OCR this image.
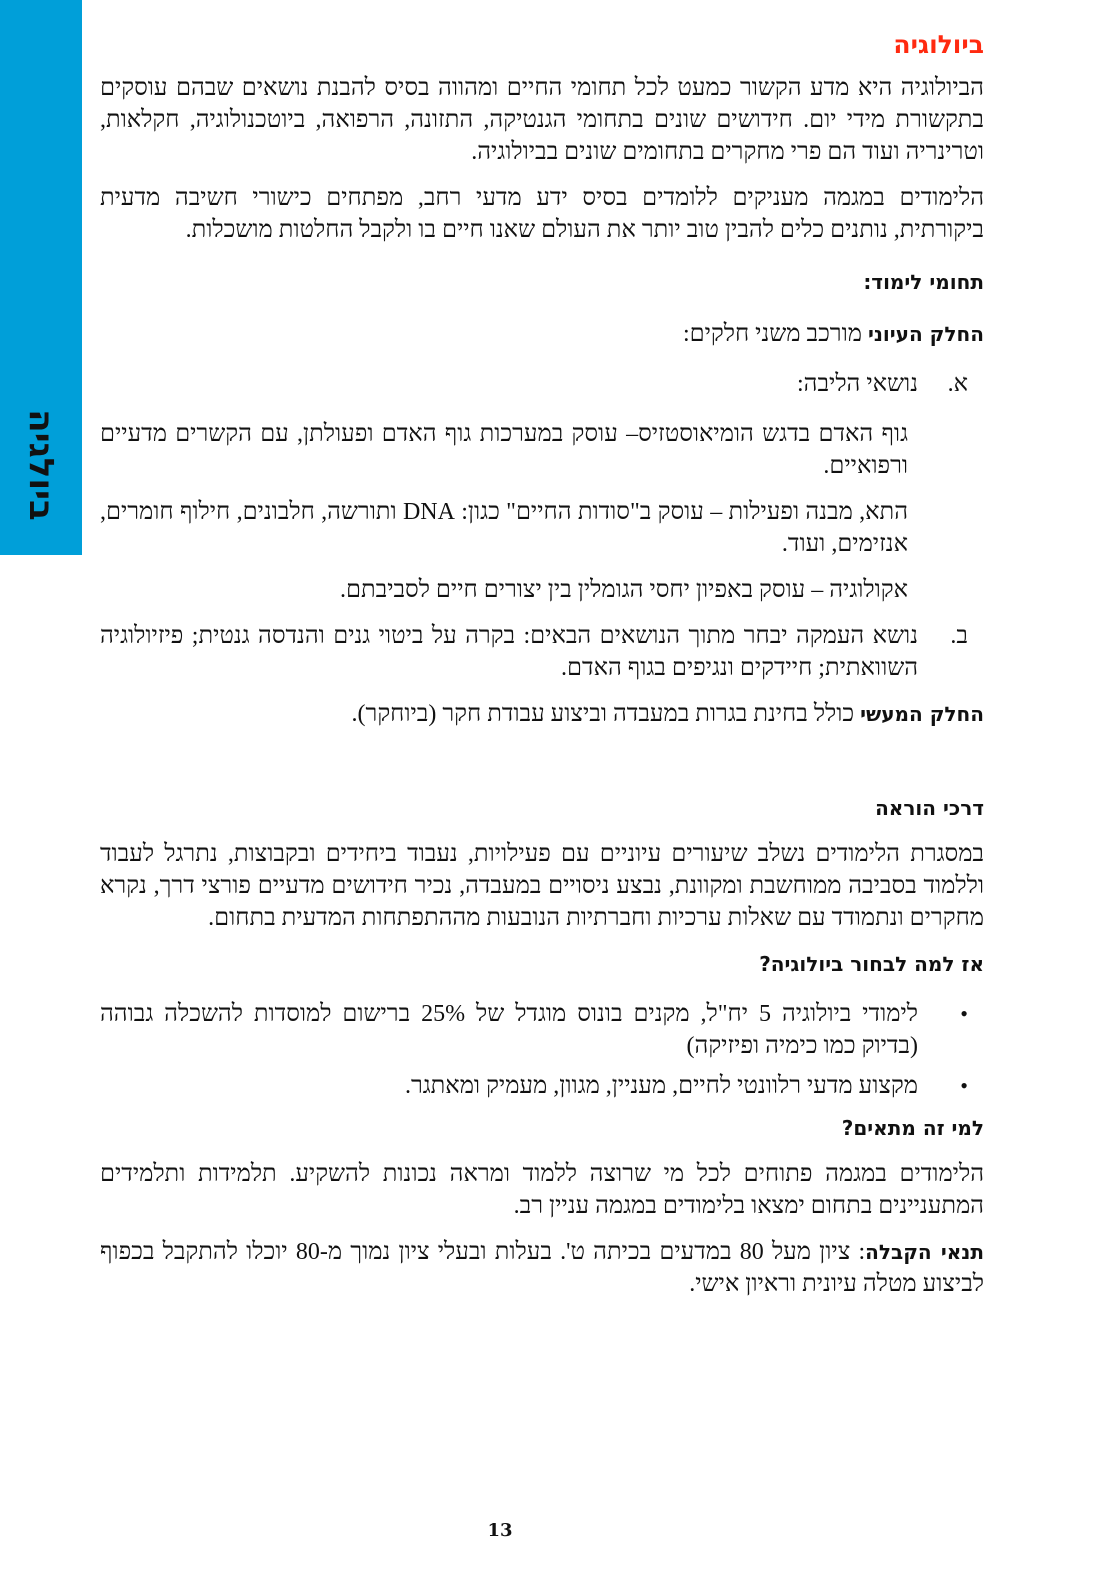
ביולגיה
ביולוגיה

הביולוגיה היא מדע הקשור כמעט לכל תחומי החיים ומהווה בסיס להבנת נושאים שבהם עוסקים בתקשורת מידי יום. חידושים שונים בתחומי הגנטיקה, התזונה, הרפואה, ביוטכנולוגיה, חקלאות, וטרינריה ועוד הם פרי מחקרים בתחומים שונים בביולוגיה.

הלימודים במגמה מעניקים ללומדים בסיס ידע מדעי רחב, מפתחים כישורי חשיבה מדעית ביקורתית, נותנים כלים להבין טוב יותר את העולם שאנו חיים בו ולקבל החלטות מושכלות.

תחומי לימוד:

החלק העיוני מורכב משני חלקים:

א.
נושאי הליבה:

גוף האדם בדגש הומיאוסטזיס– עוסק במערכות גוף האדם ופעולתן, עם הקשרים מדעיים ורפואיים.

התא, מבנה ופעילות – עוסק ב"סודות החיים" כגון: DNA ותורשה, חלבונים, חילוף חומרים, אנזימים, ועוד.

אקולוגיה – עוסק באפיון יחסי הגומלין בין יצורים חיים לסביבתם.

ב.
נושא העמקה יבחר מתוך הנושאים הבאים: בקרה על ביטוי גנים והנדסה גנטית; פיזיולוגיה השוואתית; חיידקים ונגיפים בגוף האדם.

החלק המעשי כולל בחינת בגרות במעבדה וביצוע עבודת חקר (ביוחקר).

דרכי הוראה

במסגרת הלימודים נשלב שיעורים עיוניים עם פעילויות, נעבוד ביחידים ובקבוצות, נתרגל לעבוד וללמוד בסביבה ממוחשבת ומקוונת, נבצע ניסויים במעבדה, נכיר חידושים מדעיים פורצי דרך, נקרא מחקרים ונתמודד עם שאלות ערכיות וחברתיות הנובעות מההתפתחות המדעית בתחום.

אז למה לבחור ביולוגיה?
•
לימודי ביולוגיה 5 יח"ל, מקנים בונוס מוגדל של 25% ברישום למוסדות להשכלה גבוהה (בדיוק כמו כימיה ופיזיקה)
•
מקצוע מדעי רלוונטי לחיים, מעניין, מגוון, מעמיק ומאתגר.
למי זה מתאים?

הלימודים במגמה פתוחים לכל מי שרוצה ללמוד ומראה נכונות להשקיע. תלמידות ותלמידים המתעניינים בתחום ימצאו בלימודים במגמה עניין רב.

תנאי הקבלה: ציון מעל 80 במדעים בכיתה ט'. בעלות ובעלי ציון נמוך מ-80 יוכלו להתקבל בכפוף לביצוע מטלה עיונית וראיון אישי.

13
